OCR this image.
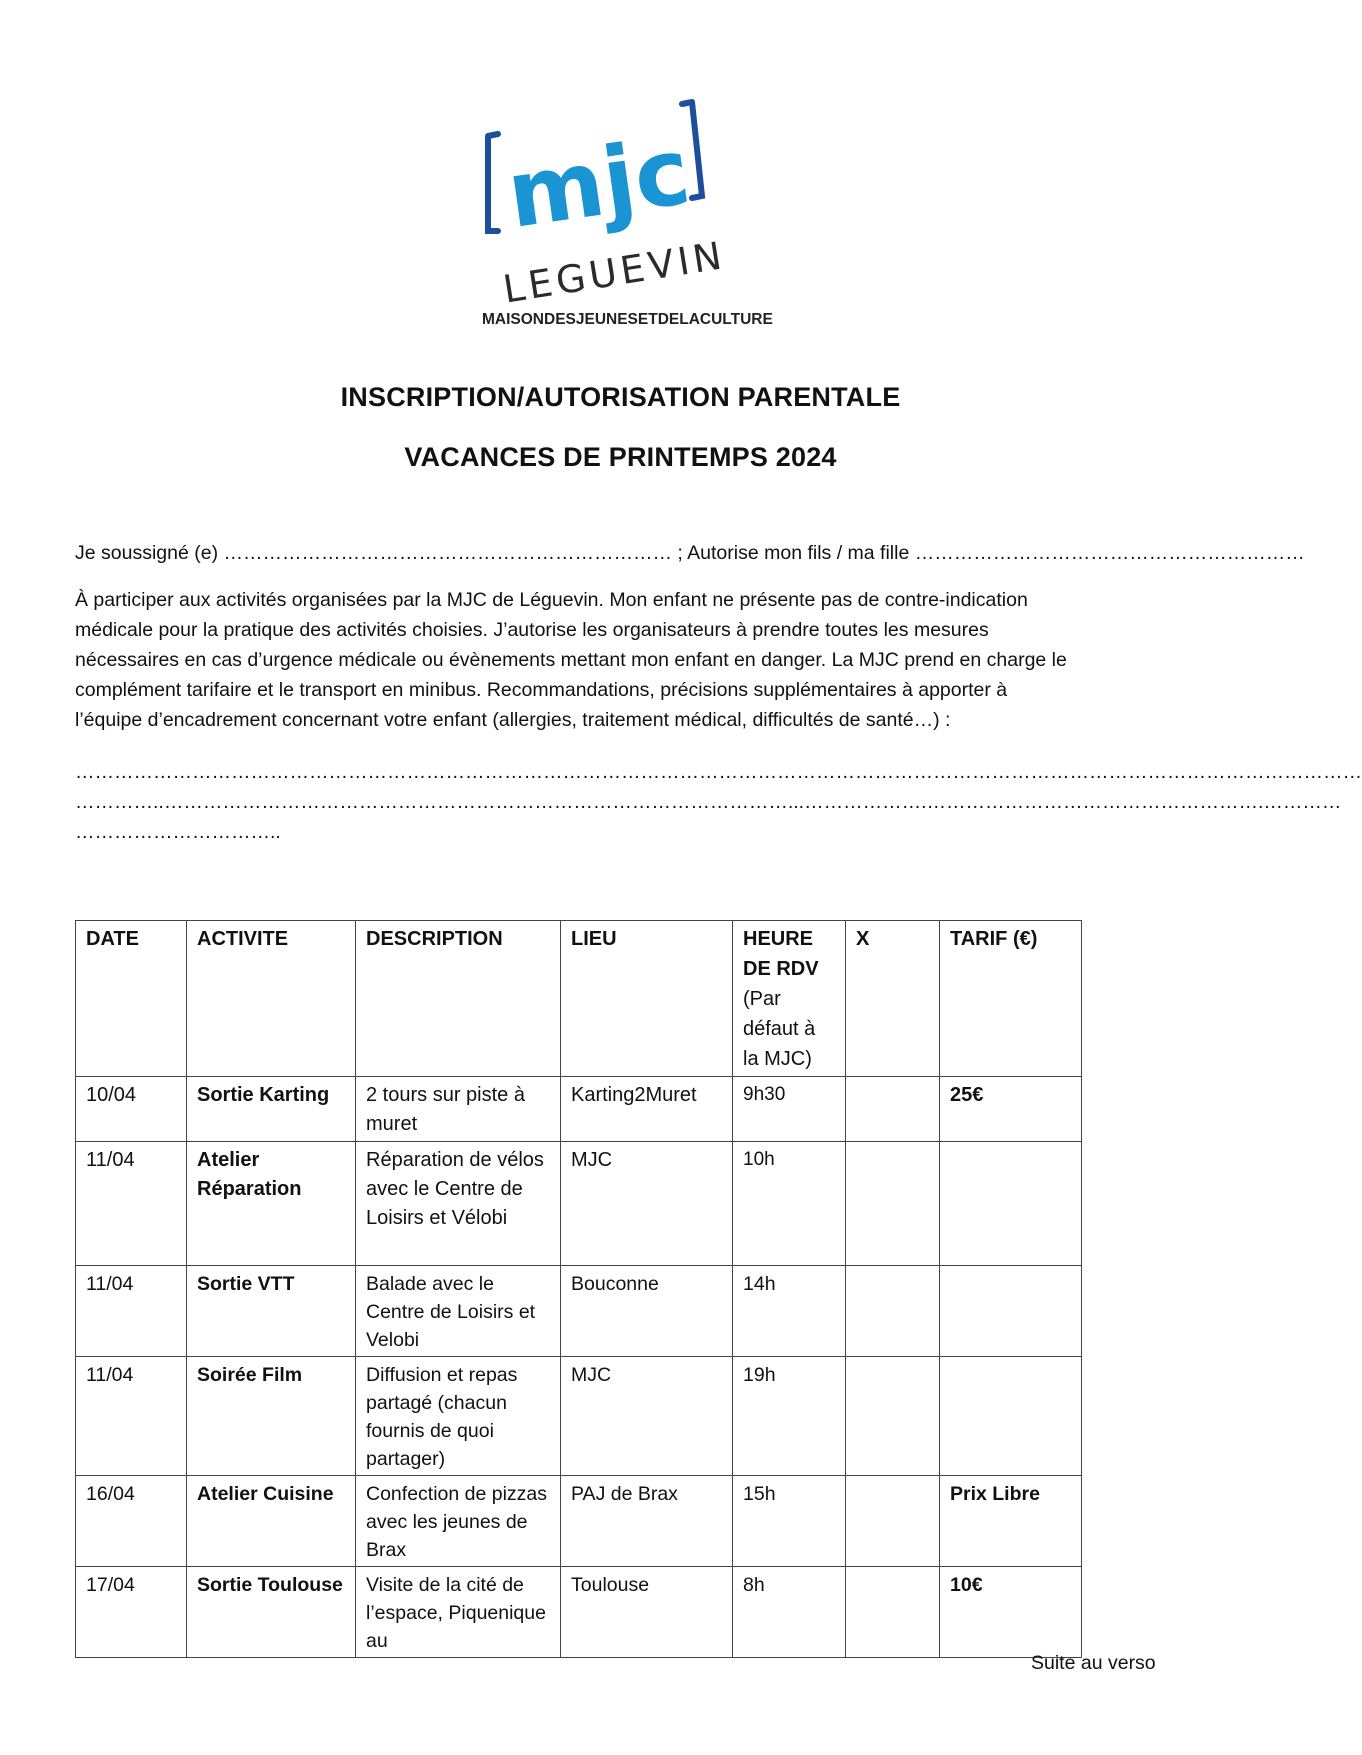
mjc
LEGUEVIN
MAISONDESJEUNESETDELACULTURE
INSCRIPTION/AUTORISATION PARENTALE
VACANCES DE PRINTEMPS 2024
Je soussigné (e) …………………………………………………………… ; Autorise mon fils / ma fille ……………………………………………………
À participer aux activités organisées par la MJC de Léguevin. Mon enfant ne présente pas de contre-indication
médicale pour la pratique des activités choisies. J’autorise les organisateurs à prendre toutes les mesures
nécessaires en cas d’urgence médicale ou évènements mettant mon enfant en danger. La MJC prend en charge le
complément tarifaire et le transport en minibus. Recommandations, précisions supplémentaires à apporter à
l’équipe d’encadrement concernant votre enfant (allergies, traitement médical, difficultés de santé…) :
………………………………………………………………………………………………………………………………………………………………………………
…………..……………………………………………………………………………………...……………….…………………………………………….…………
…………………………..
DATE	ACTIVITE	DESCRIPTION	LIEU	HEURE DE RDV (Par défaut à la MJC)	X	TARIF (€)
10/04	Sortie Karting	2 tours sur piste à muret	Karting2Muret	9h30		25€
11/04	Atelier Réparation	Réparation de vélos avec le Centre de Loisirs et Vélobi	MJC	10h		
11/04	Sortie VTT	Balade avec le Centre de Loisirs et Velobi	Bouconne	14h		
11/04	Soirée Film	Diffusion et repas partagé (chacun fournis de quoi partager)	MJC	19h		
16/04	Atelier Cuisine	Confection de pizzas avec les jeunes de Brax	PAJ de Brax	15h		Prix Libre
17/04	Sortie Toulouse	Visite de la cité de l’espace, Piquenique au	Toulouse	8h		10€
Suite au verso
